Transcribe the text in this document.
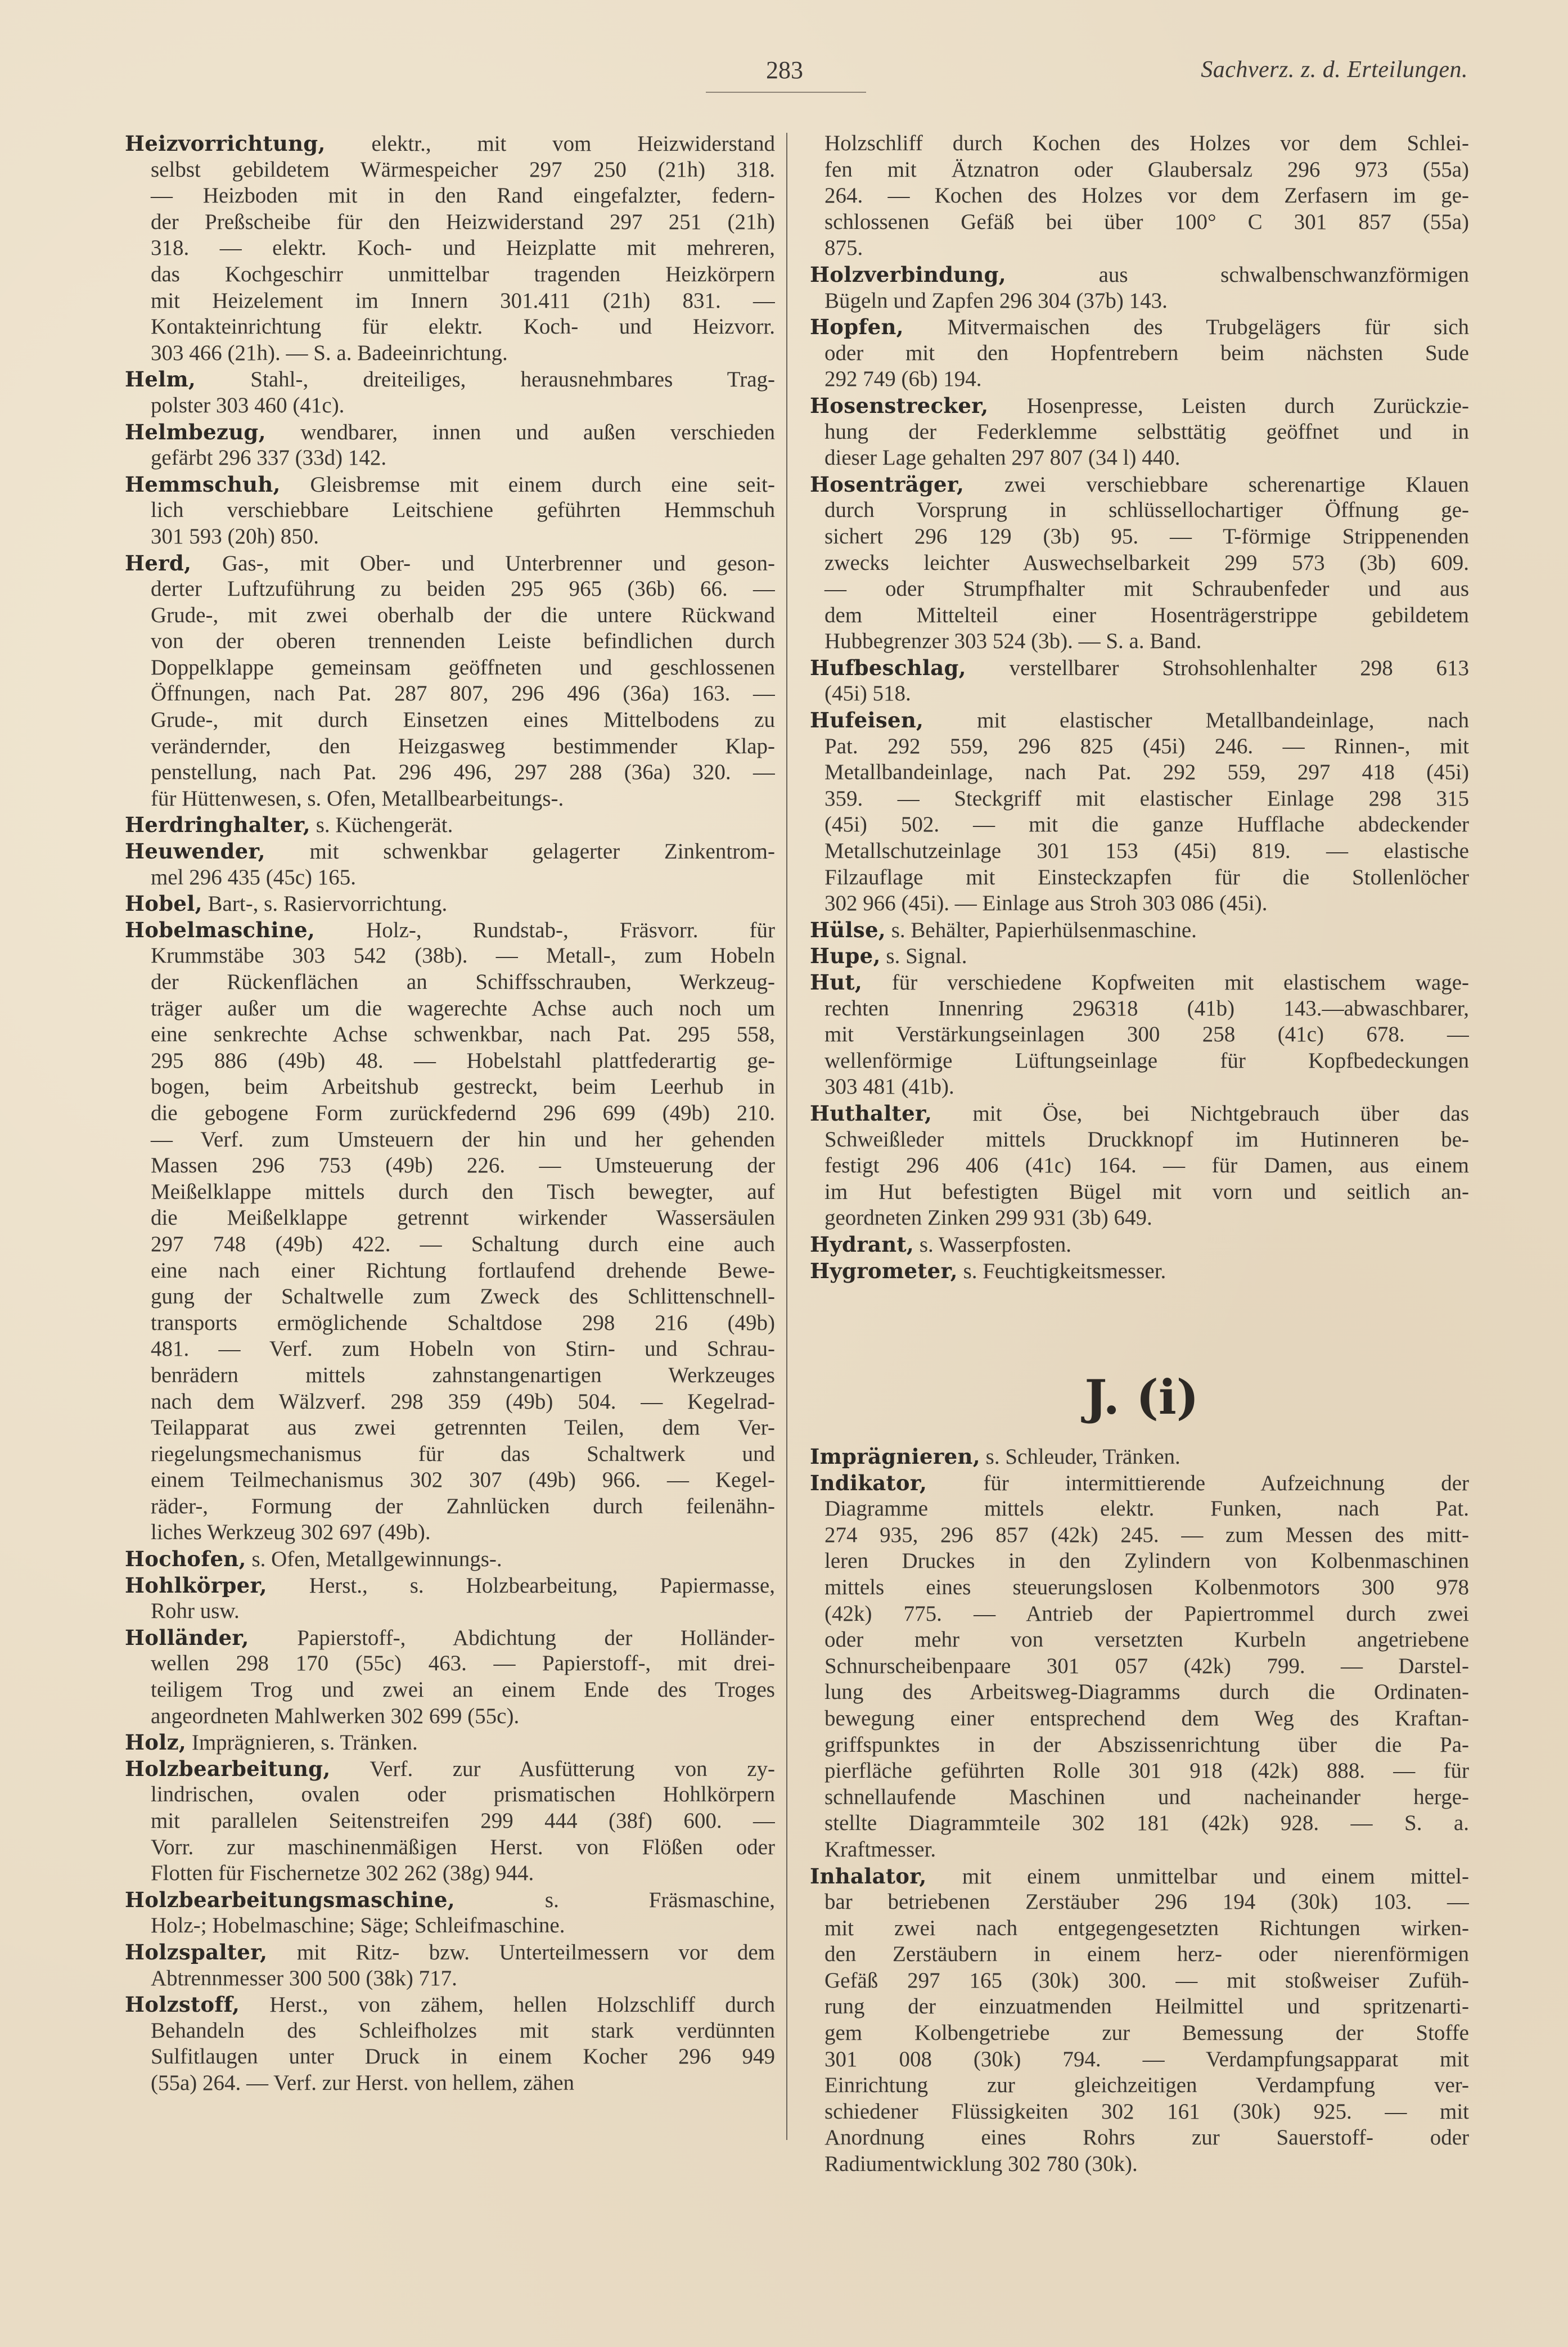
283	Sachverz. z. d. Erteilungen.
Heizvorrichtung, elektr., mit vom Heizwiderstand
selbst gebildetem Wärmespeicher 297 250 (21h) 318.
— Heizboden mit in den Rand eingefalzter, federn-
der Preßscheibe für den Heizwiderstand 297 251 (21h)
318. — elektr. Koch- und Heizplatte mit mehreren,
das Kochgeschirr unmittelbar tragenden Heizkörpern
mit Heizelement im Innern 301.411 (21h) 831. —
Kontakteinrichtung für elektr. Koch- und Heizvorr.
303 466 (21h). — S. a. Badeeinrichtung.
Helm, Stahl-, dreiteiliges, herausnehmbares Trag-
polster 303 460 (41c).
Helmbezug, wendbarer, innen und außen verschieden
gefärbt 296 337 (33d) 142.
Hemmschuh, Gleisbremse mit einem durch eine seit-
lich verschiebbare Leitschiene geführten Hemmschuh
301 593 (20h) 850.
Herd, Gas-, mit Ober- und Unterbrenner und geson-
derter Luftzuführung zu beiden 295 965 (36b) 66. —
Grude-, mit zwei oberhalb der die untere Rückwand
von der oberen trennenden Leiste befindlichen durch
Doppelklappe gemeinsam geöffneten und geschlossenen
Öffnungen, nach Pat. 287 807, 296 496 (36a) 163. —
Grude-, mit durch Einsetzen eines Mittelbodens zu
verändernder, den Heizgasweg bestimmender Klap-
penstellung, nach Pat. 296 496, 297 288 (36a) 320. —
für Hüttenwesen, s. Ofen, Metallbearbeitungs-.
Herdringhalter, s. Küchengerät.
Heuwender, mit schwenkbar gelagerter Zinkentrom-
mel 296 435 (45c) 165.
Hobel, Bart-, s. Rasiervorrichtung.
Hobelmaschine, Holz-, Rundstab-, Fräsvorr. für
Krummstäbe 303 542 (38b). — Metall-, zum Hobeln
der Rückenflächen an Schiffsschrauben, Werkzeug-
träger außer um die wagerechte Achse auch noch um
eine senkrechte Achse schwenkbar, nach Pat. 295 558,
295 886 (49b) 48. — Hobelstahl plattfederartig ge-
bogen, beim Arbeitshub gestreckt, beim Leerhub in
die gebogene Form zurückfedernd 296 699 (49b) 210.
— Verf. zum Umsteuern der hin und her gehenden
Massen 296 753 (49b) 226. — Umsteuerung der
Meißelklappe mittels durch den Tisch bewegter, auf
die Meißelklappe getrennt wirkender Wassersäulen
297 748 (49b) 422. — Schaltung durch eine auch
eine nach einer Richtung fortlaufend drehende Bewe-
gung der Schaltwelle zum Zweck des Schlittenschnell-
transports ermöglichende Schaltdose 298 216 (49b)
481. — Verf. zum Hobeln von Stirn- und Schrau-
benrädern mittels zahnstangenartigen Werkzeuges
nach dem Wälzverf. 298 359 (49b) 504. — Kegelrad-
Teilapparat aus zwei getrennten Teilen, dem Ver-
riegelungsmechanismus für das Schaltwerk und
einem Teilmechanismus 302 307 (49b) 966. — Kegel-
räder-, Formung der Zahnlücken durch feilenähn-
liches Werkzeug 302 697 (49b).
Hochofen, s. Ofen, Metallgewinnungs-.
Hohlkörper, Herst., s. Holzbearbeitung, Papiermasse,
Rohr usw.
Holländer, Papierstoff-, Abdichtung der Holländer-
wellen 298 170 (55c) 463. — Papierstoff-, mit drei-
teiligem Trog und zwei an einem Ende des Troges
angeordneten Mahlwerken 302 699 (55c).
Holz, Imprägnieren, s. Tränken.
Holzbearbeitung, Verf. zur Ausfütterung von zy-
lindrischen, ovalen oder prismatischen Hohlkörpern
mit parallelen Seitenstreifen 299 444 (38f) 600. —
Vorr. zur maschinenmäßigen Herst. von Flößen oder
Flotten für Fischernetze 302 262 (38g) 944.
Holzbearbeitungsmaschine,	s. Fräsmaschine,
Holz-; Hobelmaschine; Säge; Schleifmaschine.
Holzspalter, mit Ritz- bzw. Unterteilmessern vor dem
Abtrennmesser 300 500 (38k) 717.
Holzstoff, Herst., von zähem, hellen Holzschliff durch
Behandeln des Schleifholzes mit stark verdünnten
Sulfitlaugen unter Druck in einem Kocher 296 949
(55a) 264. — Verf. zur Herst. von hellem, zähen
Holzschliff durch Kochen des Holzes vor dem Schlei-
fen mit Ätznatron oder Glaubersalz 296 973 (55a)
264. — Kochen des Holzes vor dem Zerfasern im ge-
schlossenen Gefäß bei über 100° C 301 857 (55a)
875.
Holzverbindung,	aus schwalbenschwanzförmigen
Bügeln und Zapfen 296 304 (37b) 143.
Hopfen, Mitvermaischen des Trubgelägers für sich
oder mit den Hopfentrebern beim nächsten Sude
292 749 (6b) 194.
Hosenstrecker, Hosenpresse, Leisten durch Zurückzie-
hung der Federklemme selbsttätig geöffnet und in
dieser Lage gehalten 297 807 (34 l) 440.
Hosenträger, zwei verschiebbare scherenartige Klauen
durch Vorsprung in schlüssellochartiger Öffnung ge-
sichert 296 129 (3b) 95. — T-förmige Strippenenden
zwecks leichter Auswechselbarkeit 299 573 (3b) 609.
— oder Strumpfhalter mit Schraubenfeder und aus
dem Mittelteil einer Hosenträgerstrippe gebildetem
Hubbegrenzer 303 524 (3b). — S. a. Band.
Hufbeschlag, verstellbarer Strohsohlenhalter 298 613
(45i) 518.
Hufeisen, mit elastischer Metallbandeinlage, nach
Pat. 292 559, 296 825 (45i) 246. — Rinnen-, mit
Metallbandeinlage, nach Pat. 292 559, 297 418 (45i)
359. — Steckgriff mit elastischer Einlage 298 315
(45i) 502. — mit die ganze Hufflache abdeckender
Metallschutzeinlage 301 153 (45i) 819. — elastische
Filzauflage mit Einsteckzapfen für die Stollenlöcher
302 966 (45i). — Einlage aus Stroh 303 086 (45i).
Hülse, s. Behälter, Papierhülsenmaschine.
Hupe, s. Signal.
Hut, für verschiedene Kopfweiten mit elastischem wage-
rechten Innenring 296318 (41b) 143.—abwaschbarer,
mit Verstärkungseinlagen 300 258 (41c) 678. —
wellenförmige Lüftungseinlage für Kopfbedeckungen
303 481 (41b).
Huthalter, mit Öse, bei Nichtgebrauch über das
Schweißleder mittels Druckknopf im Hutinneren be-
festigt 296 406 (41c) 164. — für Damen, aus einem
im Hut befestigten Bügel mit vorn und seitlich an-
geordneten Zinken 299 931 (3b) 649.
Hydrant, s. Wasserpfosten.
Hygrometer, s. Feuchtigkeitsmesser.
J. (i)
Imprägnieren, s. Schleuder, Tränken.
Indikator,	für intermittierende Aufzeichnung der
Diagramme mittels elektr. Funken, nach Pat.
274 935, 296 857 (42k) 245. — zum Messen des mitt-
leren Druckes in den Zylindern von Kolbenmaschinen
mittels eines steuerungslosen Kolbenmotors 300 978
(42k) 775. — Antrieb der Papiertrommel durch zwei
oder mehr von versetzten Kurbeln angetriebene
Schnurscheibenpaare 301 057 (42k) 799. — Darstel-
lung des Arbeitsweg-Diagramms durch die Ordinaten-
bewegung einer entsprechend dem Weg des Kraftan-
griffspunktes in der Abszissenrichtung über die Pa-
pierfläche geführten Rolle 301 918 (42k) 888. — für
schnellaufende Maschinen und nacheinander herge-
stellte Diagrammteile 302 181 (42k) 928. — S. a.
Kraftmesser.
Inhalator, mit einem unmittelbar und einem mittel-
bar betriebenen Zerstäuber 296 194 (30k) 103. —
mit zwei nach entgegengesetzten Richtungen wirken-
den Zerstäubern in einem herz- oder nierenförmigen
Gefäß 297 165 (30k) 300. — mit stoßweiser Zufüh-
rung der einzuatmenden Heilmittel und spritzenarti-
gem Kolbengetriebe zur Bemessung der Stoffe
301 008 (30k) 794. — Verdampfungsapparat mit
Einrichtung zur gleichzeitigen Verdampfung ver-
schiedener Flüssigkeiten 302 161 (30k) 925. — mit
Anordnung eines Rohrs zur Sauerstoff- oder
Radiumentwicklung 302 780 (30k).
